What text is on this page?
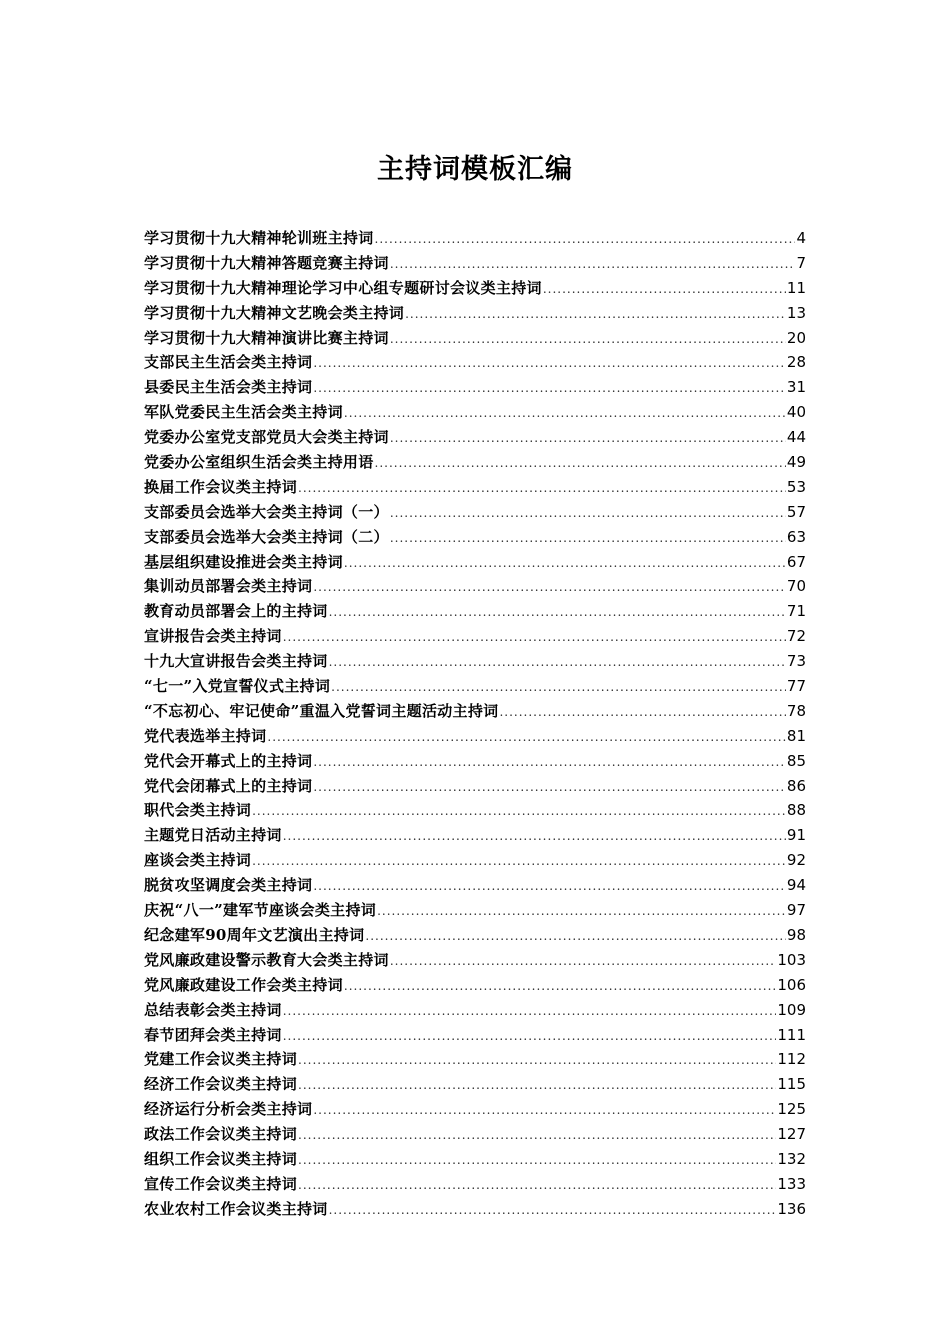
主持词模板汇编
学习贯彻十九大精神轮训班主持词 .....	4
学习贯彻十九大精神答题竞赛主持词 .....	7
学习贯彻十九大精神理论学习中心组专题研讨会议类主持词 .....	11
学习贯彻十九大精神文艺晚会类主持词 .....	13
学习贯彻十九大精神演讲比赛主持词 .....	20
支部民主生活会类主持词 .....	28
县委民主生活会类主持词 .....	31
军队党委民主生活会类主持词 .....	40
党委办公室党支部党员大会类主持词 .....	44
党委办公室组织生活会类主持用语 .....	49
换届工作会议类主持词 .....	53
支部委员会选举大会类主持词（一） .....	57
支部委员会选举大会类主持词（二） .....	63
基层组织建设推进会类主持词 .....	67
集训动员部署会类主持词 .....	70
教育动员部署会上的主持词 .....	71
宣讲报告会类主持词 .....	72
十九大宣讲报告会类主持词 .....	73
“七一”入党宣誓仪式主持词 .....	77
“不忘初心、牢记使命”重温入党誓词主题活动主持词 .....	78
党代表选举主持词 .....	81
党代会开幕式上的主持词 .....	85
党代会闭幕式上的主持词 .....	86
职代会类主持词 .....	88
主题党日活动主持词 .....	91
座谈会类主持词 .....	92
脱贫攻坚调度会类主持词 .....	94
庆祝“八一”建军节座谈会类主持词 .....	97
纪念建军90周年文艺演出主持词 .....	98
党风廉政建设警示教育大会类主持词 .....	103
党风廉政建设工作会类主持词 .....	106
总结表彰会类主持词 .....	109
春节团拜会类主持词 .....	111
党建工作会议类主持词 .....	112
经济工作会议类主持词 .....	115
经济运行分析会类主持词 .....	125
政法工作会议类主持词 .....	127
组织工作会议类主持词 .....	132
宣传工作会议类主持词 .....	133
农业农村工作会议类主持词 .....	136
